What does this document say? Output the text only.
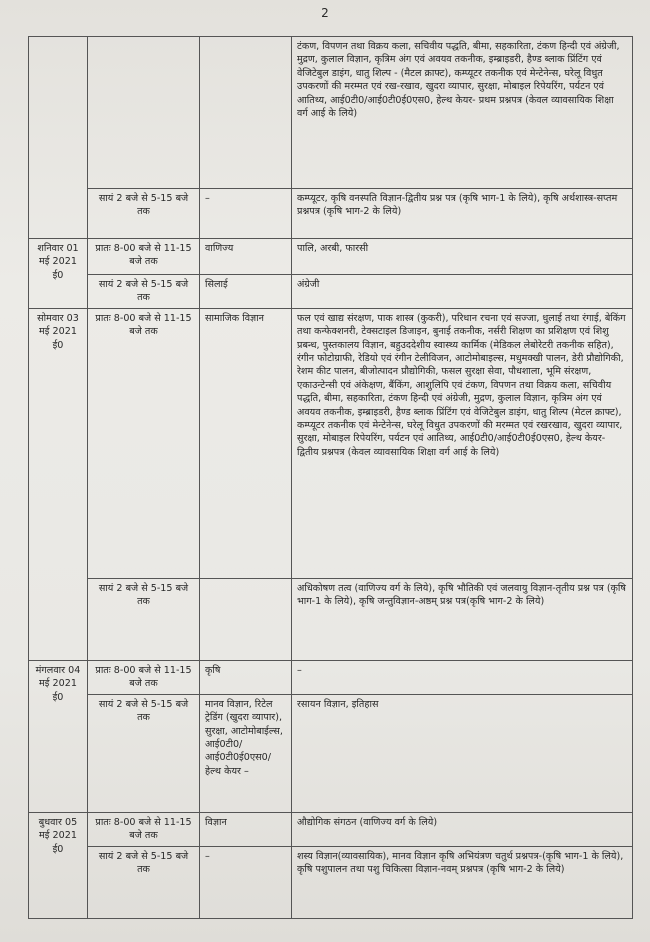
2
			टंकण, विपणन तथा विक्रय कला, सचिवीय पद्धति, बीमा, सहकारिता, टंकण हिन्दी एवं अंग्रेजी, मुद्रण, कुलाल विज्ञान, कृत्रिम अंग एवं अवयव तकनीक, इम्ब्राइडरी, हैण्ड ब्लाक प्रिंटिंग एवं वेजिटेबुल डाइंग, धातु शिल्प - (मैटल क्राफ्ट), कम्प्यूटर तकनीक एवं मेन्टेनेन्स, घरेलू विधुत उपकरणों की मरम्मत एवं रख-रखाव, खुदरा व्यापार, सुरक्षा, मोबाइल रिपेयरिंग, पर्यटन एवं आतिथ्य, आई0टी0/आई0टी0ई0एस0, हेल्थ केयर- प्रथम प्रश्नपत्र (केवल व्यावसायिक शिक्षा वर्ग आई के लिये)
	सायं 2 बजे से 5-15 बजे तक	–	कम्प्यूटर, कृषि वनस्पति विज्ञान-द्वितीय प्रश्न पत्र (कृषि भाग-1 के लिये), कृषि अर्थशास्त्र-सप्तम प्रश्नपत्र (कृषि भाग-2 के लिये)
शनिवार 01 मई 2021 ई0	प्रातः 8-00 बजे से 11-15 बजे तक	वाणिज्य	पालि, अरबी, फारसी
	सायं 2 बजे से 5-15 बजे तक	सिलाई	अंग्रेजी
सोमवार 03 मई 2021 ई0	प्रातः 8-00 बजे से 11-15 बजे तक	सामाजिक विज्ञान	फल एवं खाद्य संरक्षण, पाक शास्त्र (कुकरी), परिधान रचना एवं सज्जा, धुलाई तथा रंगाई, बेकिंग तथा कन्फेक्शनरी, टेक्सटाइल डिजाइन, बुनाई तकनीक, नर्सरी शिक्षण का प्रशिक्षण एवं शिशु प्रबन्ध, पुस्तकालय विज्ञान, बहुउददेशीय स्वास्थ्य कार्मिक (मेडिकल लेबोरेटरी तकनीक सहित), रंगीन फोटोग्राफी, रेडियो एवं रंगीन टेलीविजन, आटोमोबाइल्स, मधुमक्खी पालन, डेरी प्रौद्योगिकी, रेशम कीट पालन, बीजोत्पादन प्रौद्योगिकी, फसल सुरक्षा सेवा, पौधशाला, भूमि संरक्षण, एकाउन्टेन्सी एवं अंकेक्षण, बैंकिंग, आशुलिपि एवं टंकण, विपणन तथा विक्रय कला, सचिवीय पद्धति, बीमा, सहकारिता, टंकण हिन्दी एवं अंग्रेजी, मुद्रण, कुलाल विज्ञान, कृत्रिम अंग एवं अवयव तकनीक, इम्ब्राइडरी, हैण्ड ब्लाक प्रिंटिंग एवं वेजिटेबुल डाइंग, धातु शिल्प (मेटल क्राफ्ट), कम्प्यूटर तकनीक एवं मेन्टेनेन्स, घरेलू विधुत उपकरणों की मरम्मत एवं रखरखाव, खुदरा व्यापार, सुरक्षा, मोबाइल रिपेयरिंग, पर्यटन एवं आतिथ्य, आई0टी0/आई0टी0ई0एस0, हेल्थ केयर- द्वितीय प्रश्नपत्र (केवल व्यावसायिक शिक्षा वर्ग आई के लिये)
	सायं 2 बजे से 5-15 बजे तक		अधिकोषण तत्व (वाणिज्य वर्ग के लिये), कृषि भौतिकी एवं जलवायु विज्ञान-तृतीय प्रश्न पत्र (कृषि भाग-1 के लिये), कृषि जन्तुविज्ञान-अष्ठम् प्रश्न पत्र(कृषि भाग-2 के लिये)
मंगलवार 04 मई 2021 ई0	प्रातः 8-00 बजे से 11-15 बजे तक	कृषि	–
	सायं 2 बजे से 5-15 बजे तक	मानव विज्ञान, रिटेल ट्रेडिंग (खुदरा व्यापार), सुरक्षा, आटोमोबाईल्स, आई0टी0/ आई0टी0ई0एस0/ हेल्थ केयर –	रसायन विज्ञान, इतिहास
बुधवार 05 मई 2021 ई0	प्रातः 8-00 बजे से 11-15 बजे तक	विज्ञान	औद्योगिक संगठन (वाणिज्य वर्ग के लिये)
	सायं 2 बजे से 5-15 बजे तक	–	शस्य विज्ञान(व्यावसायिक), मानव विज्ञान कृषि अभियंत्रण चतुर्थ प्रश्नपत्र-(कृषि भाग-1 के लिये), कृषि पशुपालन तथा पशु चिकित्सा विज्ञान-नवम् प्रश्नपत्र (कृषि भाग-2 के लिये)
